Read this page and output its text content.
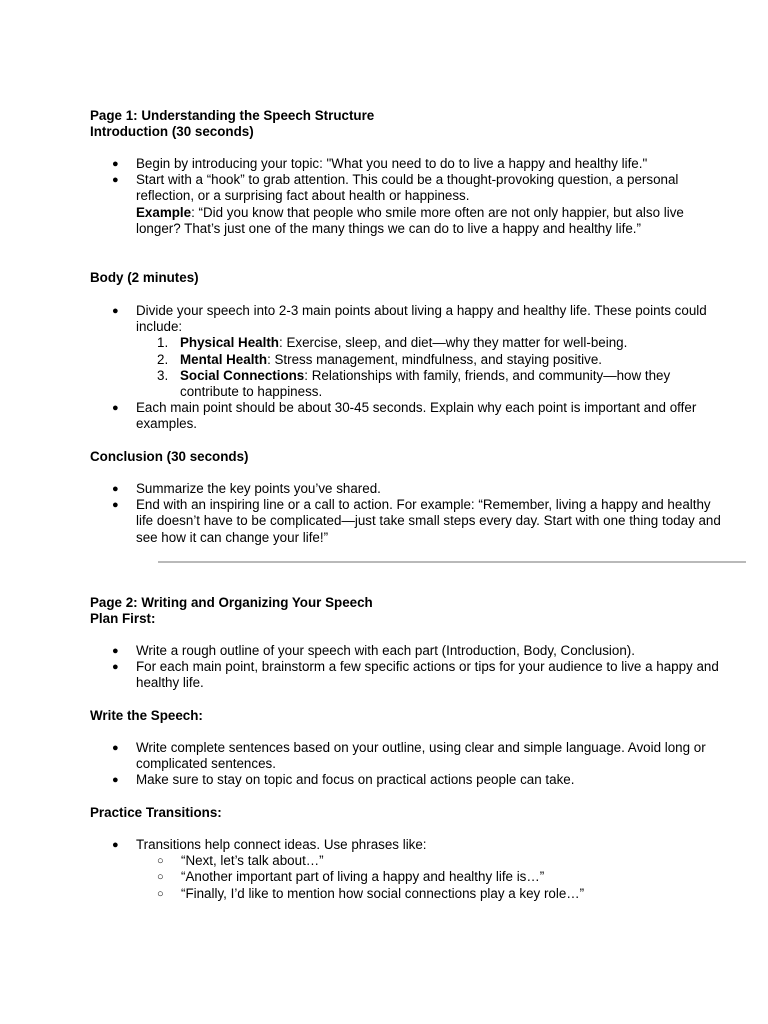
Page 1: Understanding the Speech Structure
Introduction (30 seconds)
● Begin by introducing your topic: "What you need to do to live a happy and healthy life."
● Start with a “hook” to grab attention. This could be a thought-provoking question, a personal reflection, or a surprising fact about health or happiness.
Example: “Did you know that people who smile more often are not only happier, but also live longer? That’s just one of the many things we can do to live a happy and healthy life.”
Body (2 minutes)
● Divide your speech into 2-3 main points about living a happy and healthy life. These points could include:
1. Physical Health: Exercise, sleep, and diet—why they matter for well-being.
2. Mental Health: Stress management, mindfulness, and staying positive.
3. Social Connections: Relationships with family, friends, and community—how they contribute to happiness.
● Each main point should be about 30-45 seconds. Explain why each point is important and offer examples.
Conclusion (30 seconds)
● Summarize the key points you’ve shared.
● End with an inspiring line or a call to action. For example: “Remember, living a happy and healthy life doesn’t have to be complicated—just take small steps every day. Start with one thing today and see how it can change your life!”
Page 2: Writing and Organizing Your Speech
Plan First:
● Write a rough outline of your speech with each part (Introduction, Body, Conclusion).
● For each main point, brainstorm a few specific actions or tips for your audience to live a happy and healthy life.
Write the Speech:
● Write complete sentences based on your outline, using clear and simple language. Avoid long or complicated sentences.
● Make sure to stay on topic and focus on practical actions people can take.
Practice Transitions:
● Transitions help connect ideas. Use phrases like:
○ “Next, let’s talk about…”
○ “Another important part of living a happy and healthy life is…”
○ “Finally, I’d like to mention how social connections play a key role…”
